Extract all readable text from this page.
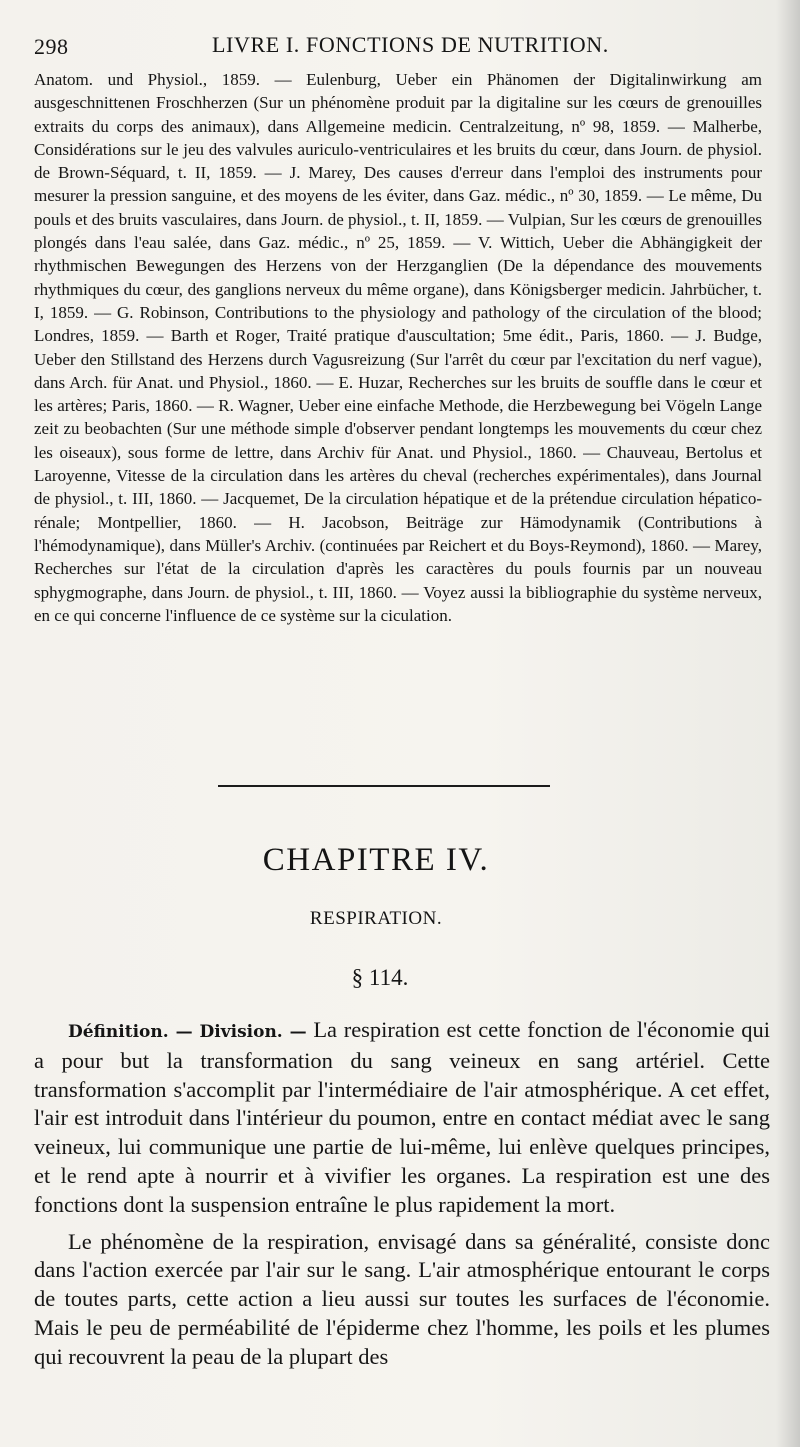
298	LIVRE I. FONCTIONS DE NUTRITION.
Anatom. und Physiol., 1859. — Eulenburg, Ueber ein Phänomen der Digitalinwirkung am ausgeschnittenen Froschherzen (Sur un phénomène produit par la digitaline sur les cœurs de grenouilles extraits du corps des animaux), dans Allgemeine medicin. Centralzeitung, nº 98, 1859. — Malherbe, Considérations sur le jeu des valvules auriculo-ventriculaires et les bruits du cœur, dans Journ. de physiol. de Brown-Séquard, t. II, 1859. — J. Marey, Des causes d'erreur dans l'emploi des instruments pour mesurer la pression sanguine, et des moyens de les éviter, dans Gaz. médic., nº 30, 1859. — Le même, Du pouls et des bruits vasculaires, dans Journ. de physiol., t. II, 1859. — Vulpian, Sur les cœurs de grenouilles plongés dans l'eau salée, dans Gaz. médic., nº 25, 1859. — V. Wittich, Ueber die Abhängigkeit der rhythmischen Bewegungen des Herzens von der Herzganglien (De la dépendance des mouvements rhythmiques du cœur, des ganglions nerveux du même organe), dans Königsberger medicin. Jahrbücher, t. I, 1859. — G. Robinson, Contributions to the physiology and pathology of the circulation of the blood; Londres, 1859. — Barth et Roger, Traité pratique d'auscultation; 5me édit., Paris, 1860. — J. Budge, Ueber den Stillstand des Herzens durch Vagusreizung (Sur l'arrêt du cœur par l'excitation du nerf vague), dans Arch. für Anat. und Physiol., 1860. — E. Huzar, Recherches sur les bruits de souffle dans le cœur et les artères; Paris, 1860. — R. Wagner, Ueber eine einfache Methode, die Herzbewegung bei Vögeln Lange zeit zu beobachten (Sur une méthode simple d'observer pendant longtemps les mouvements du cœur chez les oiseaux), sous forme de lettre, dans Archiv für Anat. und Physiol., 1860. — Chauveau, Bertolus et Laroyenne, Vitesse de la circulation dans les artères du cheval (recherches expérimentales), dans Journal de physiol., t. III, 1860. — Jacquemet, De la circulation hépatique et de la prétendue circulation hépatico-rénale; Montpellier, 1860. — H. Jacobson, Beiträge zur Hämodynamik (Contributions à l'hémodynamique), dans Müller's Archiv. (continuées par Reichert et du Boys-Reymond), 1860. — Marey, Recherches sur l'état de la circulation d'après les caractères du pouls fournis par un nouveau sphygmographe, dans Journ. de physiol., t. III, 1860. — Voyez aussi la bibliographie du système nerveux, en ce qui concerne l'influence de ce système sur la ciculation.
CHAPITRE IV.
RESPIRATION.
§ 114.

Définition. — Division. — La respiration est cette fonction de l'économie qui a pour but la transformation du sang veineux en sang artériel. Cette transformation s'accomplit par l'intermédiaire de l'air atmosphérique. A cet effet, l'air est introduit dans l'intérieur du poumon, entre en contact médiat avec le sang veineux, lui communique une partie de lui-même, lui enlève quelques principes, et le rend apte à nourrir et à vivifier les organes. La respiration est une des fonctions dont la suspension entraîne le plus rapidement la mort.

Le phénomène de la respiration, envisagé dans sa généralité, consiste donc dans l'action exercée par l'air sur le sang. L'air atmosphérique entourant le corps de toutes parts, cette action a lieu aussi sur toutes les surfaces de l'économie. Mais le peu de perméabilité de l'épiderme chez l'homme, les poils et les plumes qui recouvrent la peau de la plupart des
